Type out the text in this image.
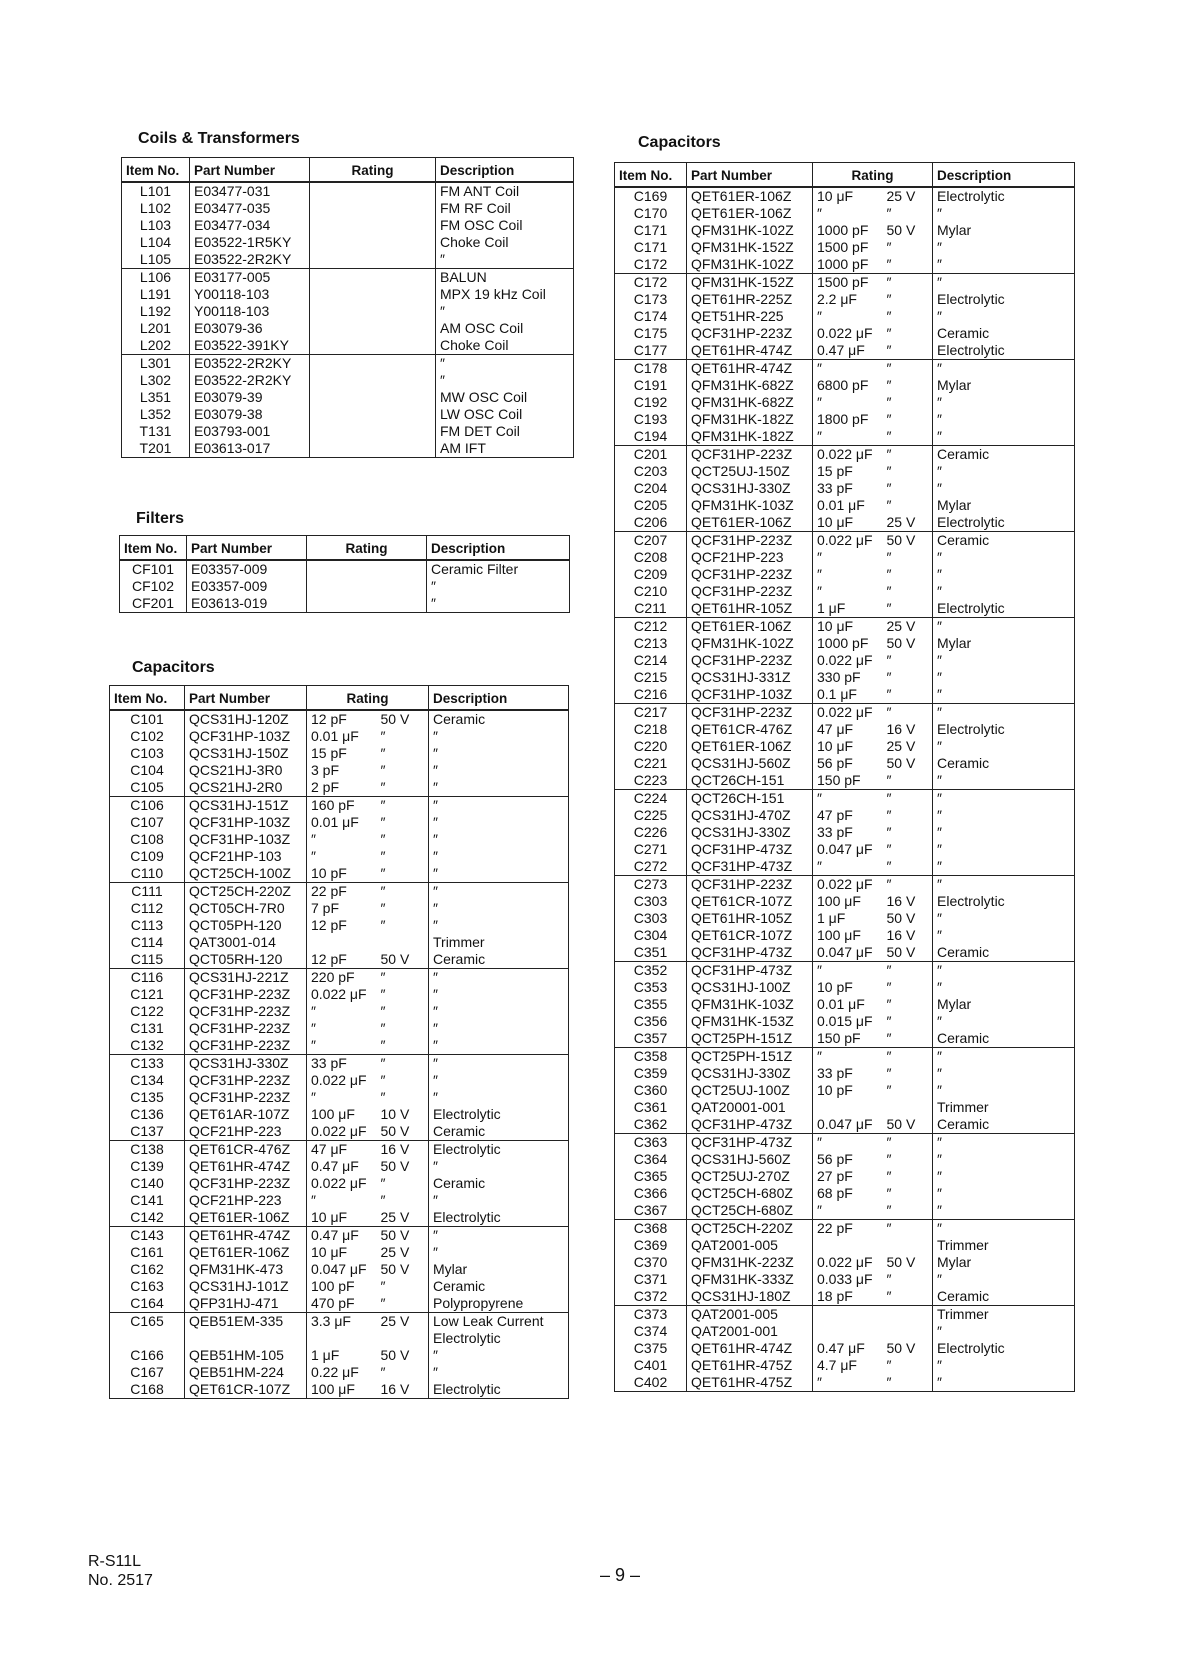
Coils & Transformers
Item No.	Part Number	Rating		Description
L101	E03477-031			FM ANT Coil
L102	E03477-035			FM RF Coil
L103	E03477-034			FM OSC Coil
L104	E03522-1R5KY			Choke Coil
L105	E03522-2R2KY			″
L106	E03177-005			BALUN
L191	Y00118-103			MPX 19 kHz Coil
L192	Y00118-103			″
L201	E03079-36			AM OSC Coil
L202	E03522-391KY			Choke Coil
L301	E03522-2R2KY			″
L302	E03522-2R2KY			″
L351	E03079-39			MW OSC Coil
L352	E03079-38			LW OSC Coil
T131	E03793-001			FM DET Coil
T201	E03613-017			AM IFT
Filters
Item No.	Part Number	Rating		Description
CF101	E03357-009			Ceramic Filter
CF102	E03357-009			″
CF201	E03613-019			″
Capacitors
Item No.	Part Number	Rating		Description
C101	QCS31HJ-120Z	12 pF	50 V	Ceramic
C102	QCF31HP-103Z	0.01 μF	″	″
C103	QCS31HJ-150Z	15 pF	″	″
C104	QCS21HJ-3R0	3 pF	″	″
C105	QCS21HJ-2R0	2 pF	″	″
C106	QCS31HJ-151Z	160 pF	″	″
C107	QCF31HP-103Z	0.01 μF	″	″
C108	QCF31HP-103Z	″	″	″
C109	QCF21HP-103	″	″	″
C110	QCT25CH-100Z	10 pF	″	″
C111	QCT25CH-220Z	22 pF	″	″
C112	QCT05CH-7R0	7 pF	″	″
C113	QCT05PH-120	12 pF	″	″
C114	QAT3001-014			Trimmer
C115	QCT05RH-120	12 pF	50 V	Ceramic
C116	QCS31HJ-221Z	220 pF	″	″
C121	QCF31HP-223Z	0.022 μF	″	″
C122	QCF31HP-223Z	″	″	″
C131	QCF31HP-223Z	″	″	″
C132	QCF31HP-223Z	″	″	″
C133	QCS31HJ-330Z	33 pF	″	″
C134	QCF31HP-223Z	0.022 μF	″	″
C135	QCF31HP-223Z	″	″	″
C136	QET61AR-107Z	100 μF	10 V	Electrolytic
C137	QCF21HP-223	0.022 μF	50 V	Ceramic
C138	QET61CR-476Z	47 μF	16 V	Electrolytic
C139	QET61HR-474Z	0.47 μF	50 V	″
C140	QCF31HP-223Z	0.022 μF	″	Ceramic
C141	QCF21HP-223	″	″	″
C142	QET61ER-106Z	10 μF	25 V	Electrolytic
C143	QET61HR-474Z	0.47 μF	50 V	″
C161	QET61ER-106Z	10 μF	25 V	″
C162	QFM31HK-473	0.047 μF	50 V	Mylar
C163	QCS31HJ-101Z	100 pF	″	Ceramic
C164	QFP31HJ-471	470 pF	″	Polypropyrene
C165	QEB51EM-335	3.3 μF	25 V	Low Leak Current Electrolytic
C166	QEB51HM-105	1 μF	50 V	″
C167	QEB51HM-224	0.22 μF	″	″
C168	QET61CR-107Z	100 μF	16 V	Electrolytic
Capacitors
Item No.	Part Number	Rating		Description
C169	QET61ER-106Z	10 μF	25 V	Electrolytic
C170	QET61ER-106Z	″	″	″
C171	QFM31HK-102Z	1000 pF	50 V	Mylar
C171	QFM31HK-152Z	1500 pF	″	″
C172	QFM31HK-102Z	1000 pF	″	″
C172	QFM31HK-152Z	1500 pF	″	″
C173	QET61HR-225Z	2.2 μF	″	Electrolytic
C174	QET51HR-225	″	″	″
C175	QCF31HP-223Z	0.022 μF	″	Ceramic
C177	QET61HR-474Z	0.47 μF	″	Electrolytic
C178	QET61HR-474Z	″	″	″
C191	QFM31HK-682Z	6800 pF	″	Mylar
C192	QFM31HK-682Z	″	″	″
C193	QFM31HK-182Z	1800 pF	″	″
C194	QFM31HK-182Z	″	″	″
C201	QCF31HP-223Z	0.022 μF	″	Ceramic
C203	QCT25UJ-150Z	15 pF	″	″
C204	QCS31HJ-330Z	33 pF	″	″
C205	QFM31HK-103Z	0.01 μF	″	Mylar
C206	QET61ER-106Z	10 μF	25 V	Electrolytic
C207	QCF31HP-223Z	0.022 μF	50 V	Ceramic
C208	QCF21HP-223	″	″	″
C209	QCF31HP-223Z	″	″	″
C210	QCF31HP-223Z	″	″	″
C211	QET61HR-105Z	1 μF	″	Electrolytic
C212	QET61ER-106Z	10 μF	25 V	″
C213	QFM31HK-102Z	1000 pF	50 V	Mylar
C214	QCF31HP-223Z	0.022 μF	″	″
C215	QCS31HJ-331Z	330 pF	″	″
C216	QCF31HP-103Z	0.1 μF	″	″
C217	QCF31HP-223Z	0.022 μF	″	″
C218	QET61CR-476Z	47 μF	16 V	Electrolytic
C220	QET61ER-106Z	10 μF	25 V	″
C221	QCS31HJ-560Z	56 pF	50 V	Ceramic
C223	QCT26CH-151	150 pF	″	″
C224	QCT26CH-151	″	″	″
C225	QCS31HJ-470Z	47 pF	″	″
C226	QCS31HJ-330Z	33 pF	″	″
C271	QCF31HP-473Z	0.047 μF	″	″
C272	QCF31HP-473Z	″	″	″
C273	QCF31HP-223Z	0.022 μF	″	″
C303	QET61CR-107Z	100 μF	16 V	Electrolytic
C303	QET61HR-105Z	1 μF	50 V	″
C304	QET61CR-107Z	100 μF	16 V	″
C351	QCF31HP-473Z	0.047 μF	50 V	Ceramic
C352	QCF31HP-473Z	″	″	″
C353	QCS31HJ-100Z	10 pF	″	″
C355	QFM31HK-103Z	0.01 μF	″	Mylar
C356	QFM31HK-153Z	0.015 μF	″	″
C357	QCT25PH-151Z	150 pF	″	Ceramic
C358	QCT25PH-151Z	″	″	″
C359	QCS31HJ-330Z	33 pF	″	″
C360	QCT25UJ-100Z	10 pF	″	″
C361	QAT20001-001			Trimmer
C362	QCF31HP-473Z	0.047 μF	50 V	Ceramic
C363	QCF31HP-473Z	″	″	″
C364	QCS31HJ-560Z	56 pF	″	″
C365	QCT25UJ-270Z	27 pF	″	″
C366	QCT25CH-680Z	68 pF	″	″
C367	QCT25CH-680Z	″	″	″
C368	QCT25CH-220Z	22 pF	″	″
C369	QAT2001-005			Trimmer
C370	QFM31HK-223Z	0.022 μF	50 V	Mylar
C371	QFM31HK-333Z	0.033 μF	″	″
C372	QCS31HJ-180Z	18 pF	″	Ceramic
C373	QAT2001-005			Trimmer
C374	QAT2001-001			″
C375	QET61HR-474Z	0.47 μF	50 V	Electrolytic
C401	QET61HR-475Z	4.7 μF	″	″
C402	QET61HR-475Z	″	″	″
R-S11L
No. 2517	– 9 –
